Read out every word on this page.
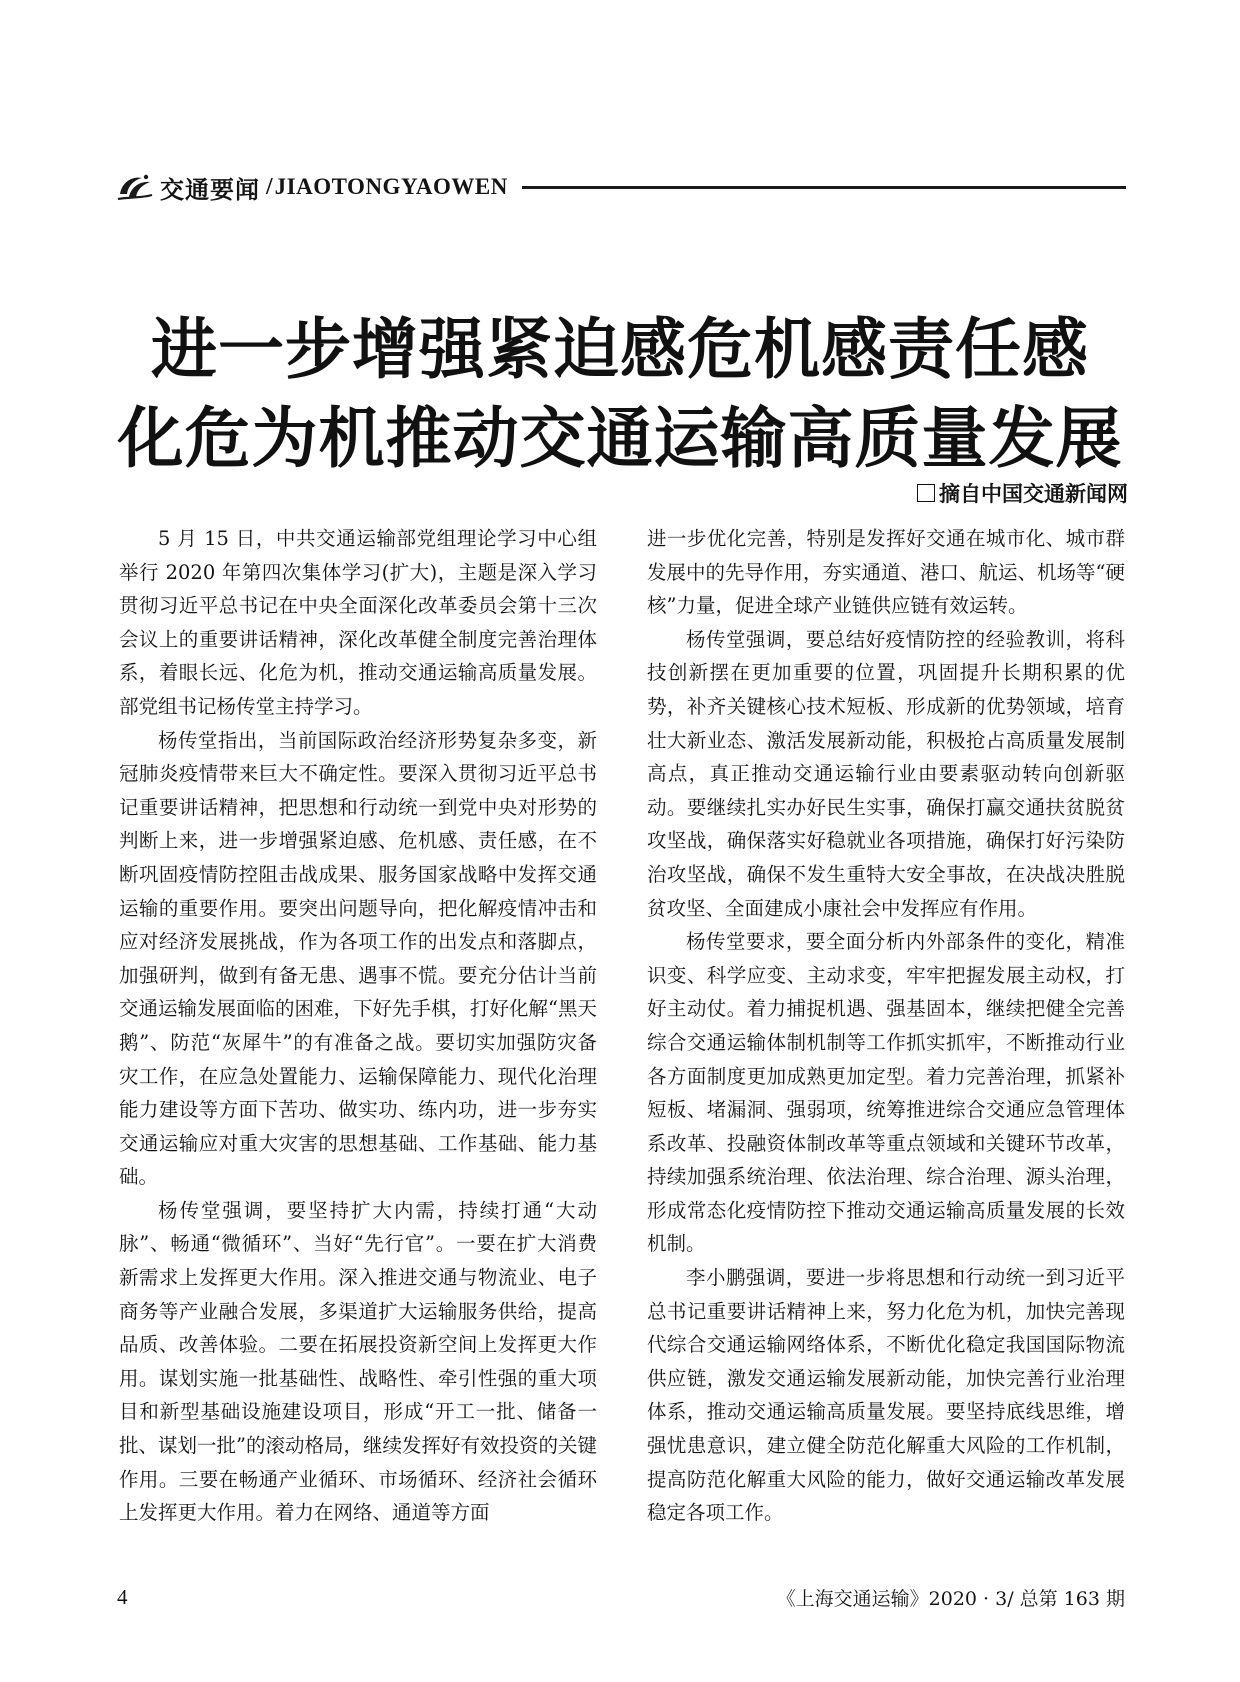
交通要闻 / JIAOTONGYAOWEN
进一步增强紧迫感危机感责任感
化危为机推动交通运输高质量发展
摘自中国交通新闻网

5 月 15 日，中共交通运输部党组理论学习中心组举行 2020 年第四次集体学习(扩大)，主题是深入学习贯彻习近平总书记在中央全面深化改革委员会第十三次会议上的重要讲话精神，深化改革健全制度完善治理体系，着眼长远、化危为机，推动交通运输高质量发展。部党组书记杨传堂主持学习。

杨传堂指出，当前国际政治经济形势复杂多变，新冠肺炎疫情带来巨大不确定性。要深入贯彻习近平总书记重要讲话精神，把思想和行动统一到党中央对形势的判断上来，进一步增强紧迫感、危机感、责任感，在不断巩固疫情防控阻击战成果、服务国家战略中发挥交通运输的重要作用。要突出问题导向，把化解疫情冲击和应对经济发展挑战，作为各项工作的出发点和落脚点，加强研判，做到有备无患、遇事不慌。要充分估计当前交通运输发展面临的困难，下好先手棋，打好化解“黑天鹅”、防范“灰犀牛”的有准备之战。要切实加强防灾备灾工作，在应急处置能力、运输保障能力、现代化治理能力建设等方面下苦功、做实功、练内功，进一步夯实交通运输应对重大灾害的思想基础、工作基础、能力基础。

杨传堂强调，要坚持扩大内需，持续打通“大动脉”、畅通“微循环”、当好“先行官”。一要在扩大消费新需求上发挥更大作用。深入推进交通与物流业、电子商务等产业融合发展，多渠道扩大运输服务供给，提高品质、改善体验。二要在拓展投资新空间上发挥更大作用。谋划实施一批基础性、战略性、牵引性强的重大项目和新型基础设施建设项目，形成“开工一批、储备一批、谋划一批”的滚动格局，继续发挥好有效投资的关键作用。三要在畅通产业循环、市场循环、经济社会循环上发挥更大作用。着力在网络、通道等方面

进一步优化完善，特别是发挥好交通在城市化、城市群发展中的先导作用，夯实通道、港口、航运、机场等“硬核”力量，促进全球产业链供应链有效运转。

杨传堂强调，要总结好疫情防控的经验教训，将科技创新摆在更加重要的位置，巩固提升长期积累的优势，补齐关键核心技术短板、形成新的优势领域，培育壮大新业态、激活发展新动能，积极抢占高质量发展制高点，真正推动交通运输行业由要素驱动转向创新驱动。要继续扎实办好民生实事，确保打赢交通扶贫脱贫攻坚战，确保落实好稳就业各项措施，确保打好污染防治攻坚战，确保不发生重特大安全事故，在决战决胜脱贫攻坚、全面建成小康社会中发挥应有作用。

杨传堂要求，要全面分析内外部条件的变化，精准识变、科学应变、主动求变，牢牢把握发展主动权，打好主动仗。着力捕捉机遇、强基固本，继续把健全完善综合交通运输体制机制等工作抓实抓牢，不断推动行业各方面制度更加成熟更加定型。着力完善治理，抓紧补短板、堵漏洞、强弱项，统筹推进综合交通应急管理体系改革、投融资体制改革等重点领域和关键环节改革，持续加强系统治理、依法治理、综合治理、源头治理，形成常态化疫情防控下推动交通运输高质量发展的长效机制。

李小鹏强调，要进一步将思想和行动统一到习近平总书记重要讲话精神上来，努力化危为机，加快完善现代综合交通运输网络体系，不断优化稳定我国国际物流供应链，激发交通运输发展新动能，加快完善行业治理体系，推动交通运输高质量发展。要坚持底线思维，增强忧患意识，建立健全防范化解重大风险的工作机制，提高防范化解重大风险的能力，做好交通运输改革发展稳定各项工作。

4	《上海交通运输》2020 · 3/ 总第 163 期
